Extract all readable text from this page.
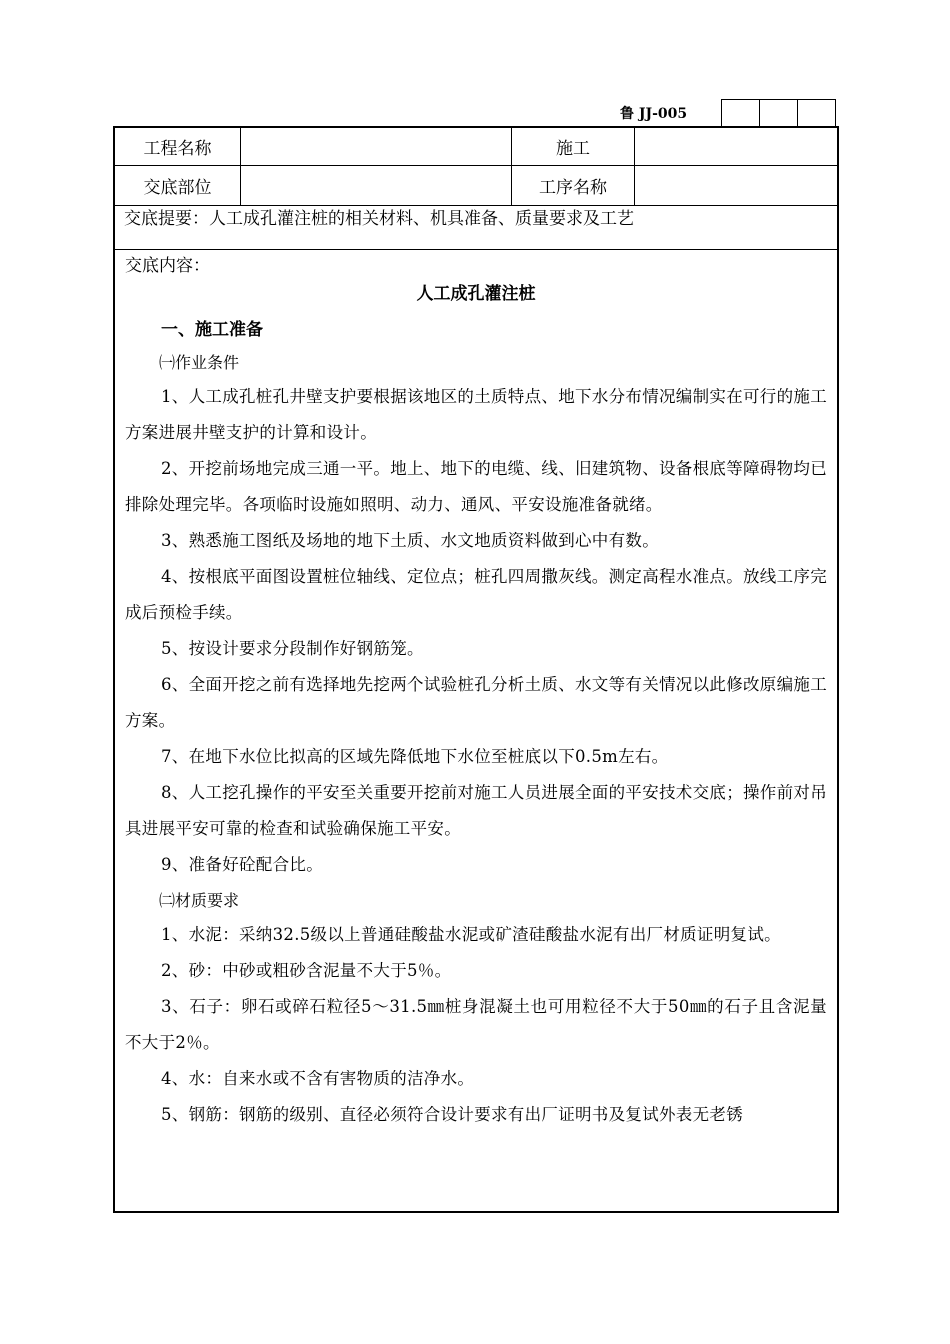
鲁 JJ-005
工程名称	施工
交底部位	工序名称
交底提要：人工成孔灌注桩的相关材料、机具准备、质量要求及工艺
交底内容：
人工成孔灌注桩
一、施工准备
㈠作业条件
1、人工成孔桩孔井壁支护要根据该地区的土质特点、地下水分布情况编制实在可行的施工方案进展井壁支护的计算和设计。
2、开挖前场地完成三通一平。地上、地下的电缆、线、旧建筑物、设备根底等障碍物均已排除处理完毕。各项临时设施如照明、动力、通风、平安设施准备就绪。
3、熟悉施工图纸及场地的地下土质、水文地质资料做到心中有数。
4、按根底平面图设置桩位轴线、定位点；桩孔四周撒灰线。测定高程水准点。放线工序完成后预检手续。
5、按设计要求分段制作好钢筋笼。
6、全面开挖之前有选择地先挖两个试验桩孔分析土质、水文等有关情况以此修改原编施工方案。
7、在地下水位比拟高的区域先降低地下水位至桩底以下0.5m左右。
8、人工挖孔操作的平安至关重要开挖前对施工人员进展全面的平安技术交底；操作前对吊具进展平安可靠的检查和试验确保施工平安。
9、准备好砼配合比。
㈡材质要求
1、水泥：采纳32.5级以上普通硅酸盐水泥或矿渣硅酸盐水泥有出厂材质证明复试。
2、砂：中砂或粗砂含泥量不大于5％。
3、石子：卵石或碎石粒径5～31.5㎜桩身混凝土也可用粒径不大于50㎜的石子且含泥量不大于2％。
4、水：自来水或不含有害物质的洁净水。
5、钢筋：钢筋的级别、直径必须符合设计要求有出厂证明书及复试外表无老锈
